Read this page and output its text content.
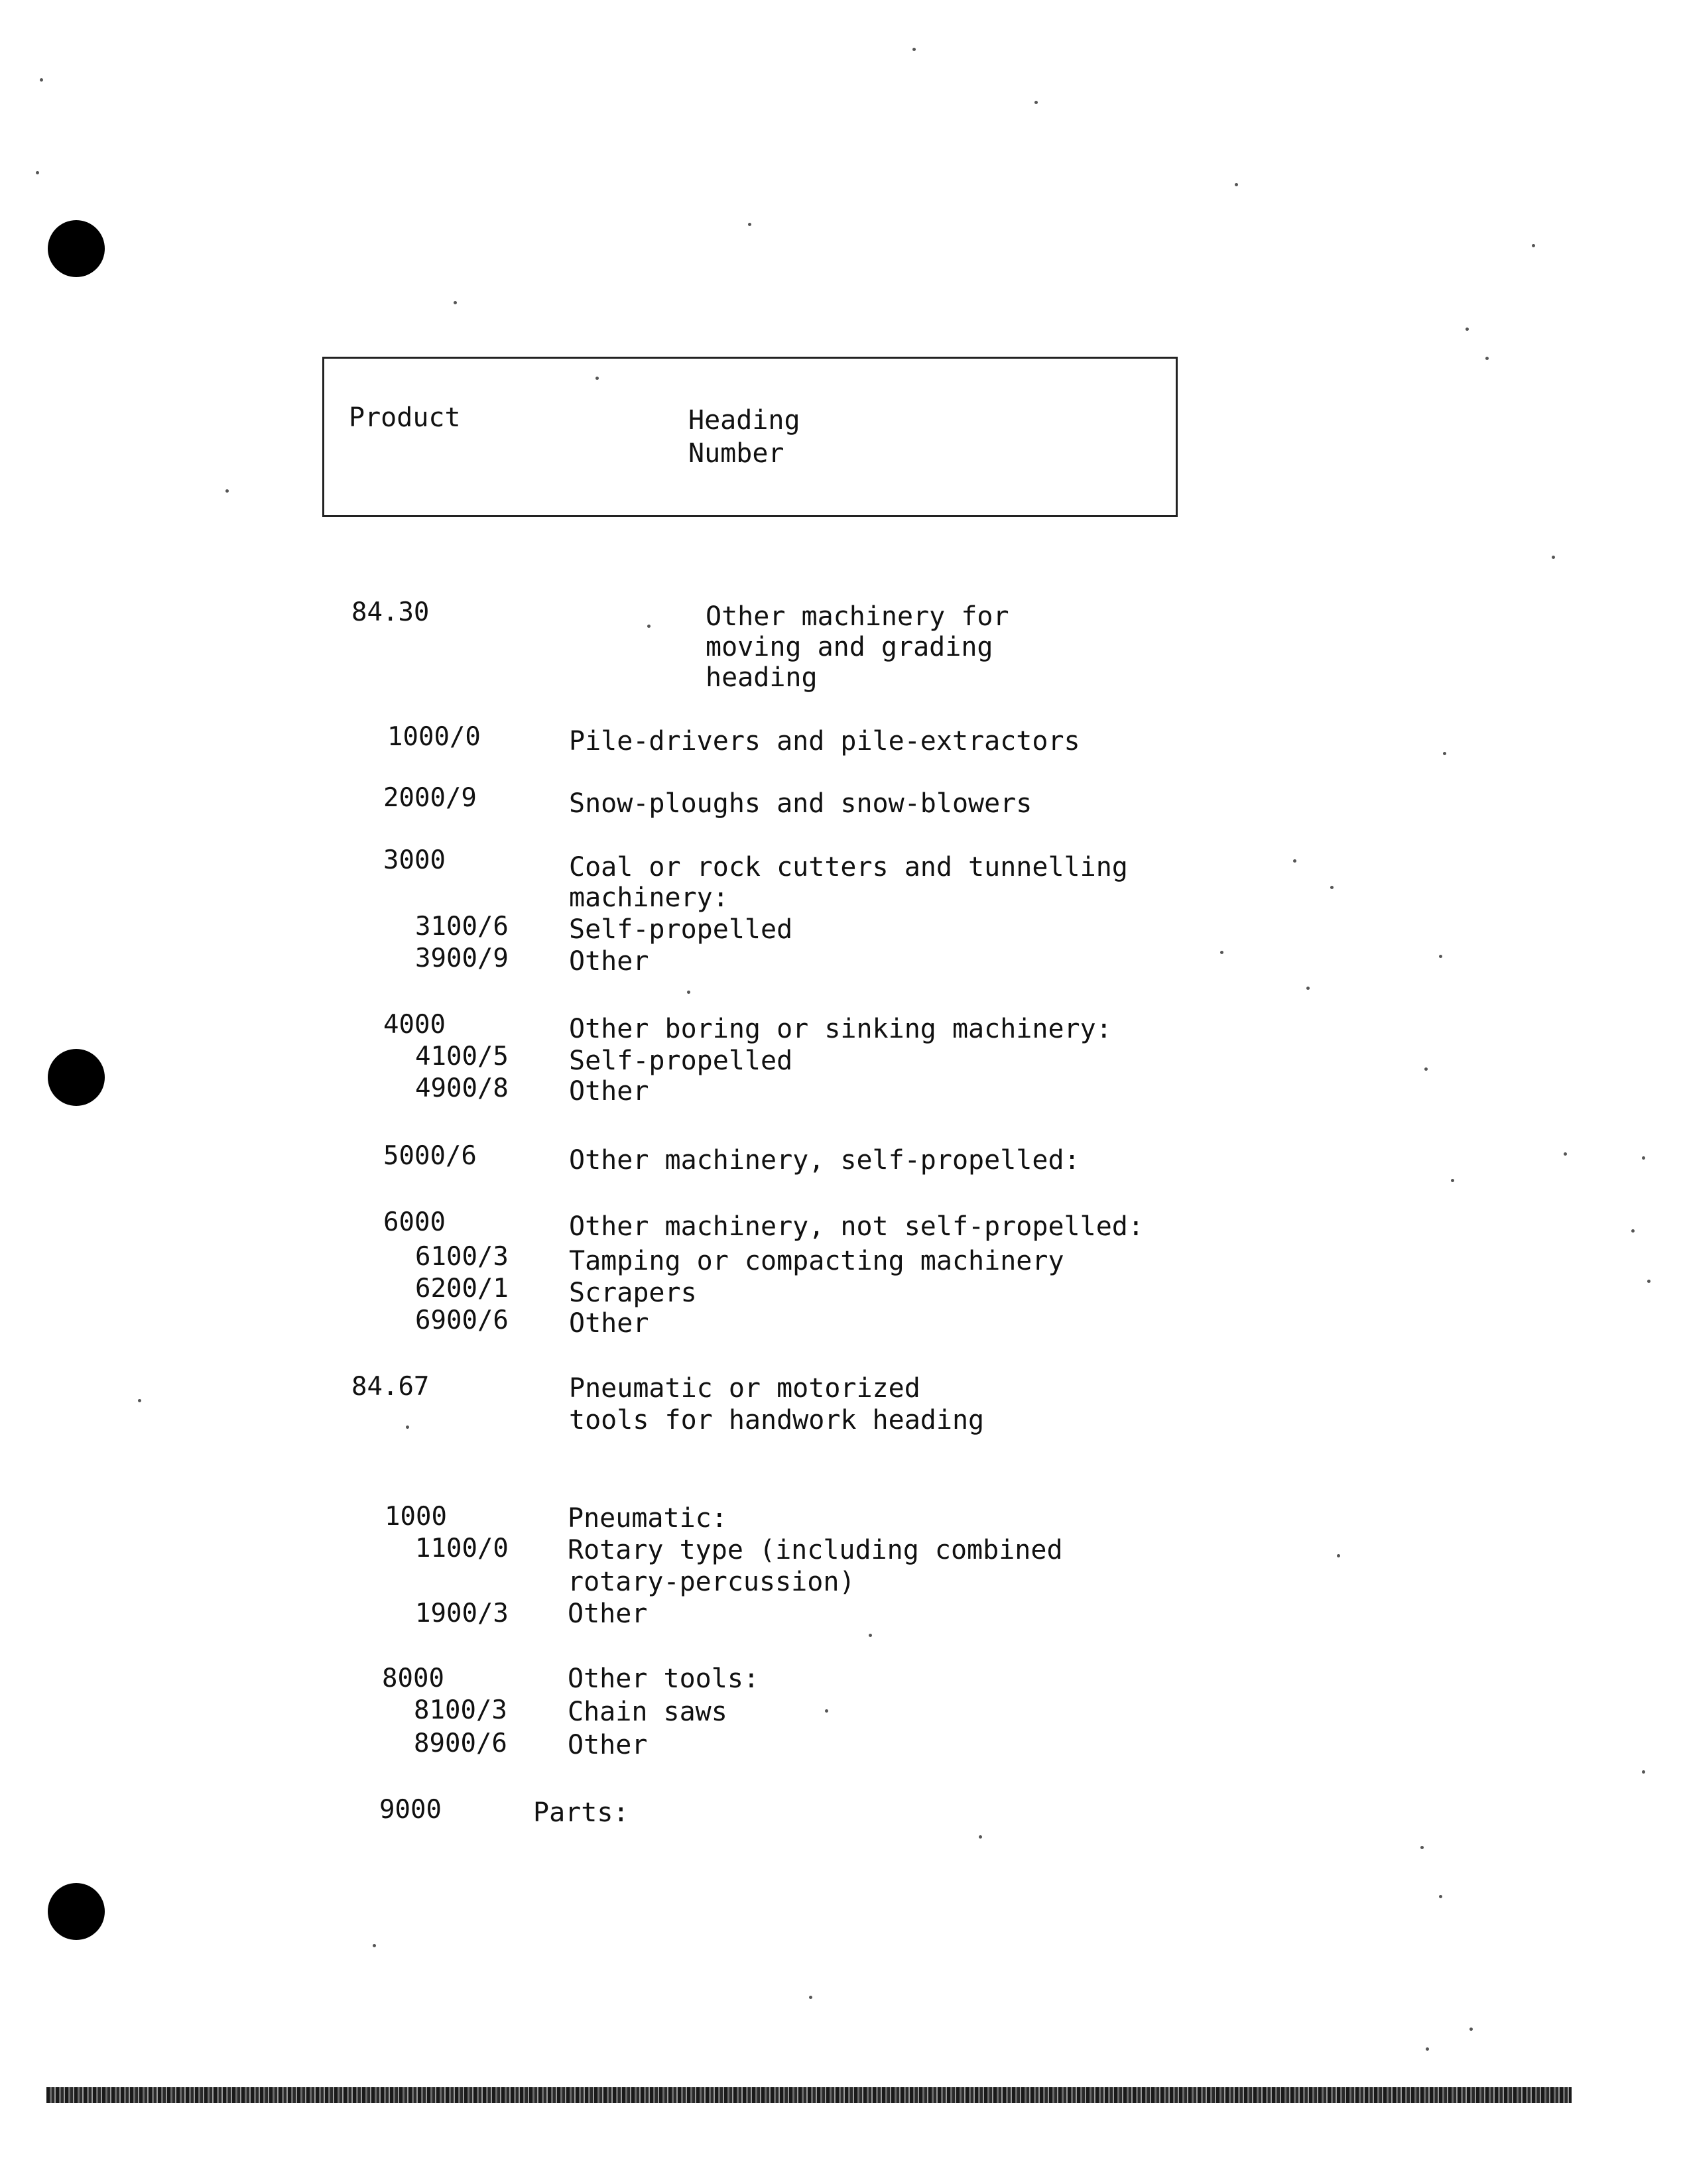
Product	Heading
Number
84.30	Other machinery for
moving and grading
heading
1000/0	Pile-drivers and pile-extractors
2000/9	Snow-ploughs and snow-blowers
3000	Coal or rock cutters and tunnelling
machinery:
3100/6 Self-propelled
3900/9 Other
4000	Other boring or sinking machinery:
4100/5 Self-propelled
4900/8 Other
5000/6	Other machinery, self-propelled:
6000	Other machinery, not self-propelled:
6100/3 Tamping or compacting machinery
6200/1 Scrapers
6900/6 Other
84.67	Pneumatic or motorized
tools for handwork heading
1000	Pneumatic:
1100/0 Rotary type (including combined
rotary-percussion)
1900/3 Other
8000	Other tools:
8100/3 Chain saws
8900/6 Other
9000	Parts:
